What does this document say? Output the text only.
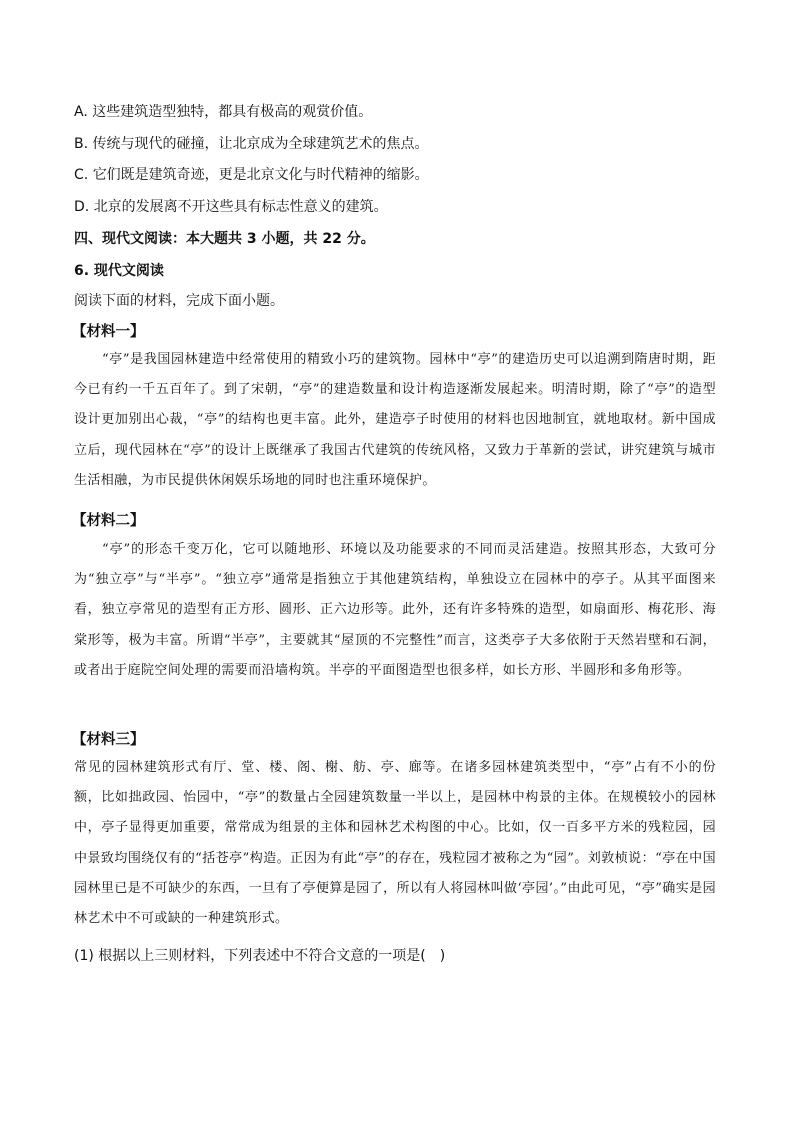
A. 这些建筑造型独特，都具有极高的观赏价值。
B. 传统与现代的碰撞，让北京成为全球建筑艺术的焦点。
C. 它们既是建筑奇迹，更是北京文化与时代精神的缩影。
D. 北京的发展离不开这些具有标志性意义的建筑。
四、现代文阅读：本大题共 3 小题，共 22 分。
6. 现代文阅读
阅读下面的材料，完成下面小题。
【材料一】

“亭”是我国园林建造中经常使用的精致小巧的建筑物。园林中“亭”的建造历史可以追溯到隋唐时期，距今已有约一千五百年了。到了宋朝，“亭”的建造数量和设计构造逐渐发展起来。明清时期，除了“亭”的造型设计更加别出心裁，“亭”的结构也更丰富。此外，建造亭子时使用的材料也因地制宜，就地取材。新中国成立后，现代园林在“亭”的设计上既继承了我国古代建筑的传统风格，又致力于革新的尝试，讲究建筑与城市生活相融，为市民提供休闲娱乐场地的同时也注重环境保护。

【材料二】

“亭”的形态千变万化，它可以随地形、环境以及功能要求的不同而灵活建造。按照其形态，大致可分为“独立亭”与“半亭”。“独立亭”通常是指独立于其他建筑结构，单独设立在园林中的亭子。从其平面图来看，独立亭常见的造型有正方形、圆形、正六边形等。此外，还有许多特殊的造型，如扇面形、梅花形、海棠形等，极为丰富。所谓“半亭”，主要就其“屋顶的不完整性”而言，这类亭子大多依附于天然岩壁和石洞，或者出于庭院空间处理的需要而沿墙构筑。半亭的平面图造型也很多样，如长方形、半圆形和多角形等。

【材料三】

常见的园林建筑形式有厅、堂、楼、阁、榭、舫、亭、廊等。在诸多园林建筑类型中，“亭”占有不小的份额，比如拙政园、怡园中，“亭”的数量占全园建筑数量一半以上，是园林中构景的主体。在规模较小的园林中，亭子显得更加重要，常常成为组景的主体和园林艺术构图的中心。比如，仅一百多平方米的残粒园，园中景致均围绕仅有的“括苍亭”构造。正因为有此“亭”的存在，残粒园才被称之为“园”。刘敦桢说：“亭在中国园林里已是不可缺少的东西，一旦有了亭便算是园了，所以有人将园林叫做‘亭园’。”由此可见，“亭”确实是园林艺术中不可或缺的一种建筑形式。

(1) 根据以上三则材料，下列表述中不符合文意的一项是(　)
